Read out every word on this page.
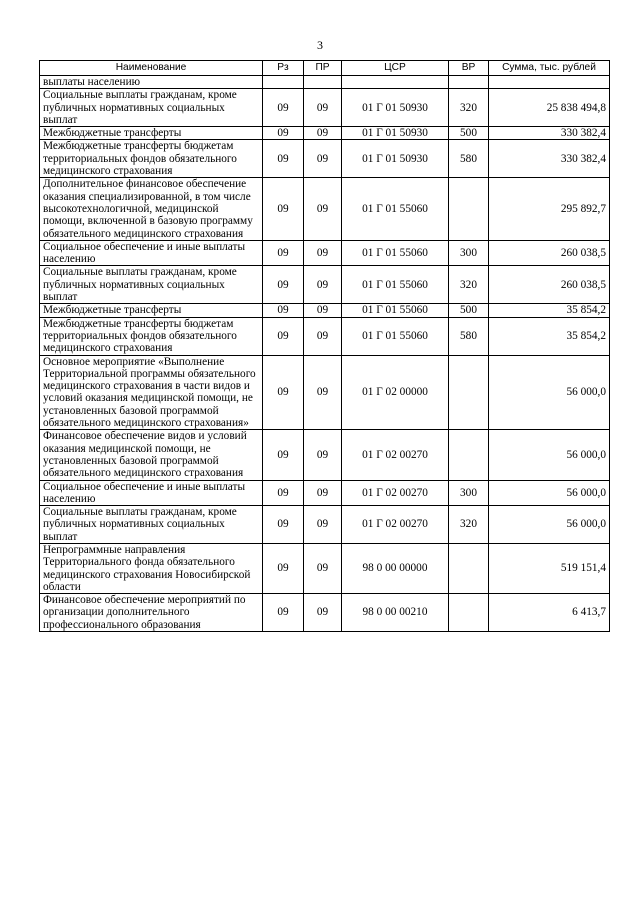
3
Наименование	Рз	ПР	ЦСР	ВР	Сумма, тыс. рублей
выплаты населению					
Социальные выплаты гражданам, кроме публичных нормативных социальных выплат	09	09	01 Г 01 50930	320	25 838 494,8
Межбюджетные трансферты	09	09	01 Г 01 50930	500	330 382,4
Межбюджетные трансферты бюджетам территориальных фондов обязательного медицинского страхования	09	09	01 Г 01 50930	580	330 382,4
Дополнительное финансовое обеспечение оказания специализированной, в том числе высокотехнологичной, медицинской помощи, включенной в базовую программу обязательного медицинского страхования	09	09	01 Г 01 55060		295 892,7
Социальное обеспечение и иные выплаты населению	09	09	01 Г 01 55060	300	260 038,5
Социальные выплаты гражданам, кроме публичных нормативных социальных выплат	09	09	01 Г 01 55060	320	260 038,5
Межбюджетные трансферты	09	09	01 Г 01 55060	500	35 854,2
Межбюджетные трансферты бюджетам территориальных фондов обязательного медицинского страхования	09	09	01 Г 01 55060	580	35 854,2
Основное мероприятие «Выполнение Территориальной программы обязательного медицинского страхования в части видов и условий оказания медицинской помощи, не установленных базовой программой обязательного медицинского страхования»	09	09	01 Г 02 00000		56 000,0
Финансовое обеспечение видов и условий оказания медицинской помощи, не установленных базовой программой обязательного медицинского страхования	09	09	01 Г 02 00270		56 000,0
Социальное обеспечение и иные выплаты населению	09	09	01 Г 02 00270	300	56 000,0
Социальные выплаты гражданам, кроме публичных нормативных социальных выплат	09	09	01 Г 02 00270	320	56 000,0
Непрограммные направления Территориального фонда обязательного медицинского страхования Новосибирской области	09	09	98 0 00 00000		519 151,4
Финансовое обеспечение мероприятий по организации дополнительного профессионального образования	09	09	98 0 00 00210		6 413,7
